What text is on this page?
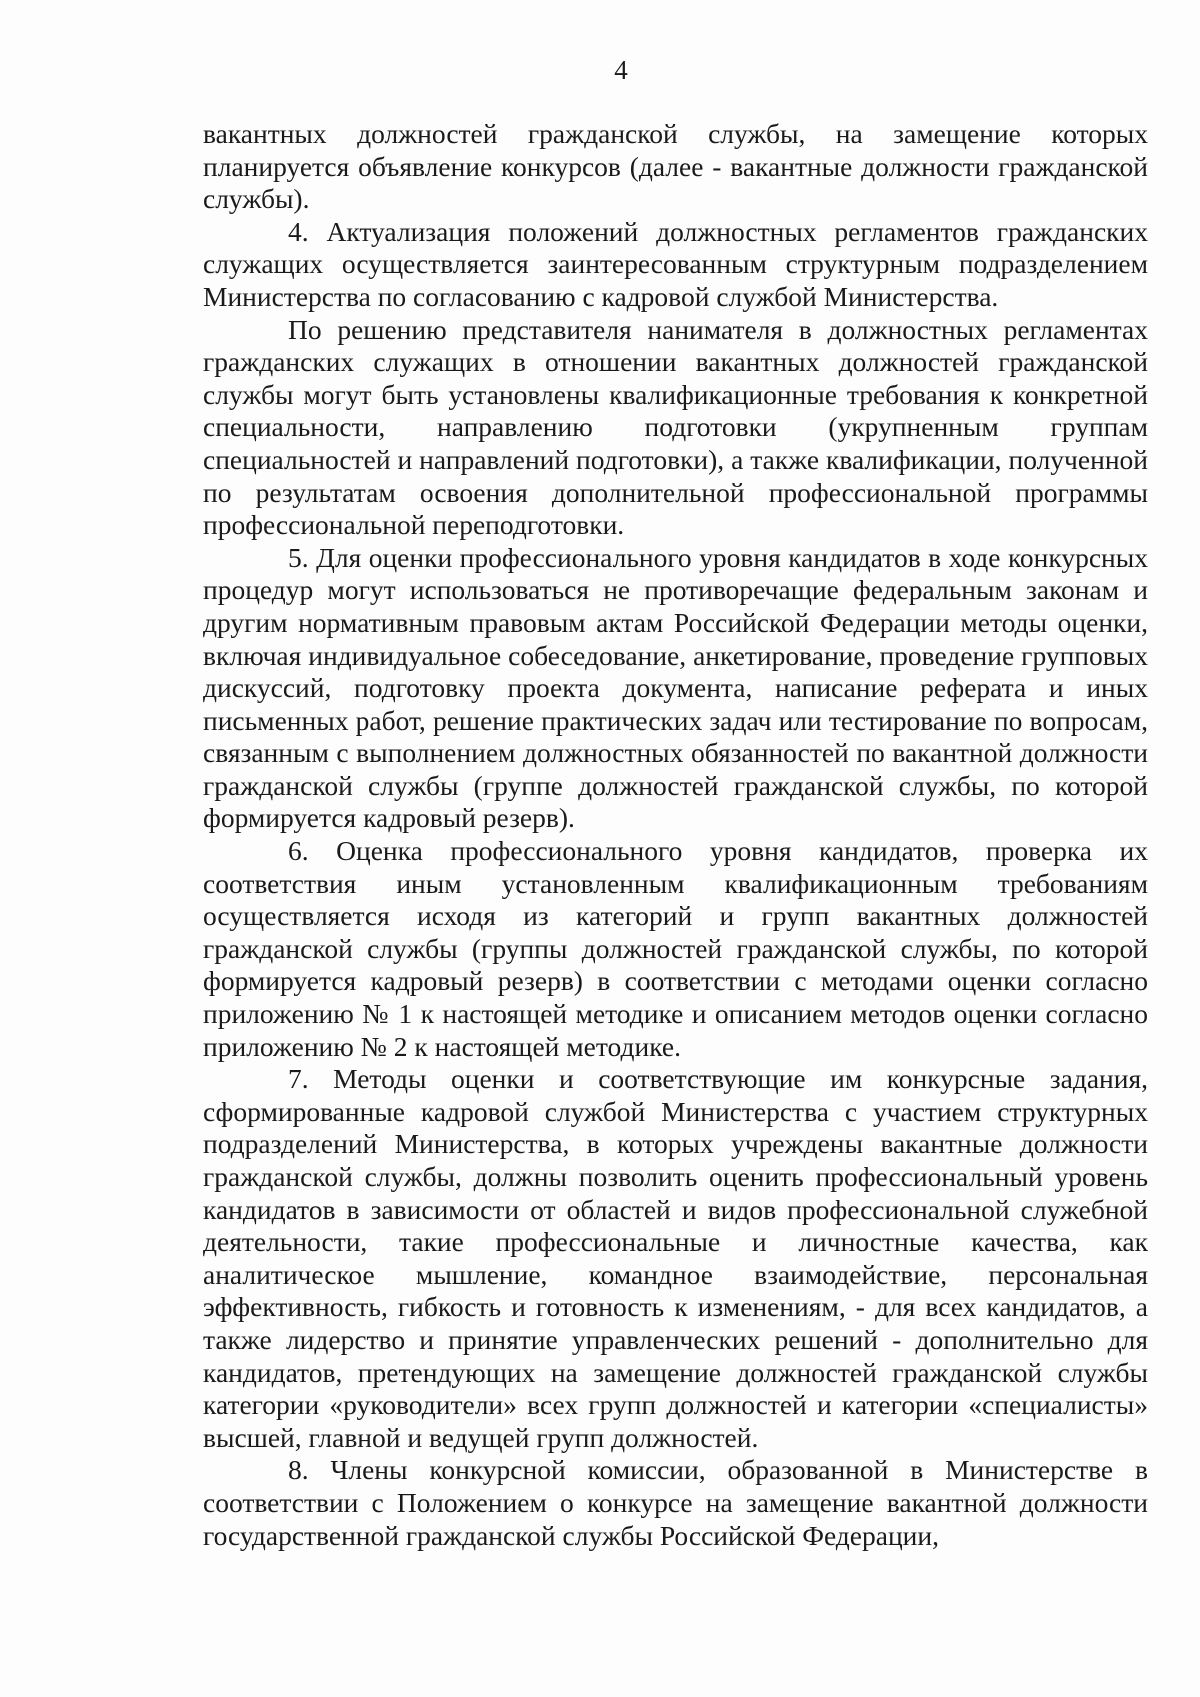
4

вакантных должностей гражданской службы, на замещение которых планируется объявление конкурсов (далее - вакантные должности гражданской службы).

4. Актуализация положений должностных регламентов гражданских служащих осуществляется заинтересованным структурным подразделением Министерства по согласованию с кадровой службой Министерства.

По решению представителя нанимателя в должностных регламентах гражданских служащих в отношении вакантных должностей гражданской службы могут быть установлены квалификационные требования к конкретной специальности, направлению подготовки (укрупненным группам специальностей и направлений подготовки), а также квалификации, полученной по результатам освоения дополнительной профессиональной программы профессиональной переподготовки.

5. Для оценки профессионального уровня кандидатов в ходе конкурсных процедур могут использоваться не противоречащие федеральным законам и другим нормативным правовым актам Российской Федерации методы оценки, включая индивидуальное собеседование, анкетирование, проведение групповых дискуссий, подготовку проекта документа, написание реферата и иных письменных работ, решение практических задач или тестирование по вопросам, связанным с выполнением должностных обязанностей по вакантной должности гражданской службы (группе должностей гражданской службы, по которой формируется кадровый резерв).

6. Оценка профессионального уровня кандидатов, проверка их соответствия иным установленным квалификационным требованиям осуществляется исходя из категорий и групп вакантных должностей гражданской службы (группы должностей гражданской службы, по которой формируется кадровый резерв) в соответствии с методами оценки согласно приложению № 1 к настоящей методике и описанием методов оценки согласно приложению № 2 к настоящей методике.

7. Методы оценки и соответствующие им конкурсные задания, сформированные кадровой службой Министерства с участием структурных подразделений Министерства, в которых учреждены вакантные должности гражданской службы, должны позволить оценить профессиональный уровень кандидатов в зависимости от областей и видов профессиональной служебной деятельности, такие профессиональные и личностные качества, как аналитическое мышление, командное взаимодействие, персональная эффективность, гибкость и готовность к изменениям, - для всех кандидатов, а также лидерство и принятие управленческих решений - дополнительно для кандидатов, претендующих на замещение должностей гражданской службы категории «руководители» всех групп должностей и категории «специалисты» высшей, главной и ведущей групп должностей.

8. Члены конкурсной комиссии, образованной в Министерстве в соответствии с Положением о конкурсе на замещение вакантной должности государственной гражданской службы Российской Федерации,
